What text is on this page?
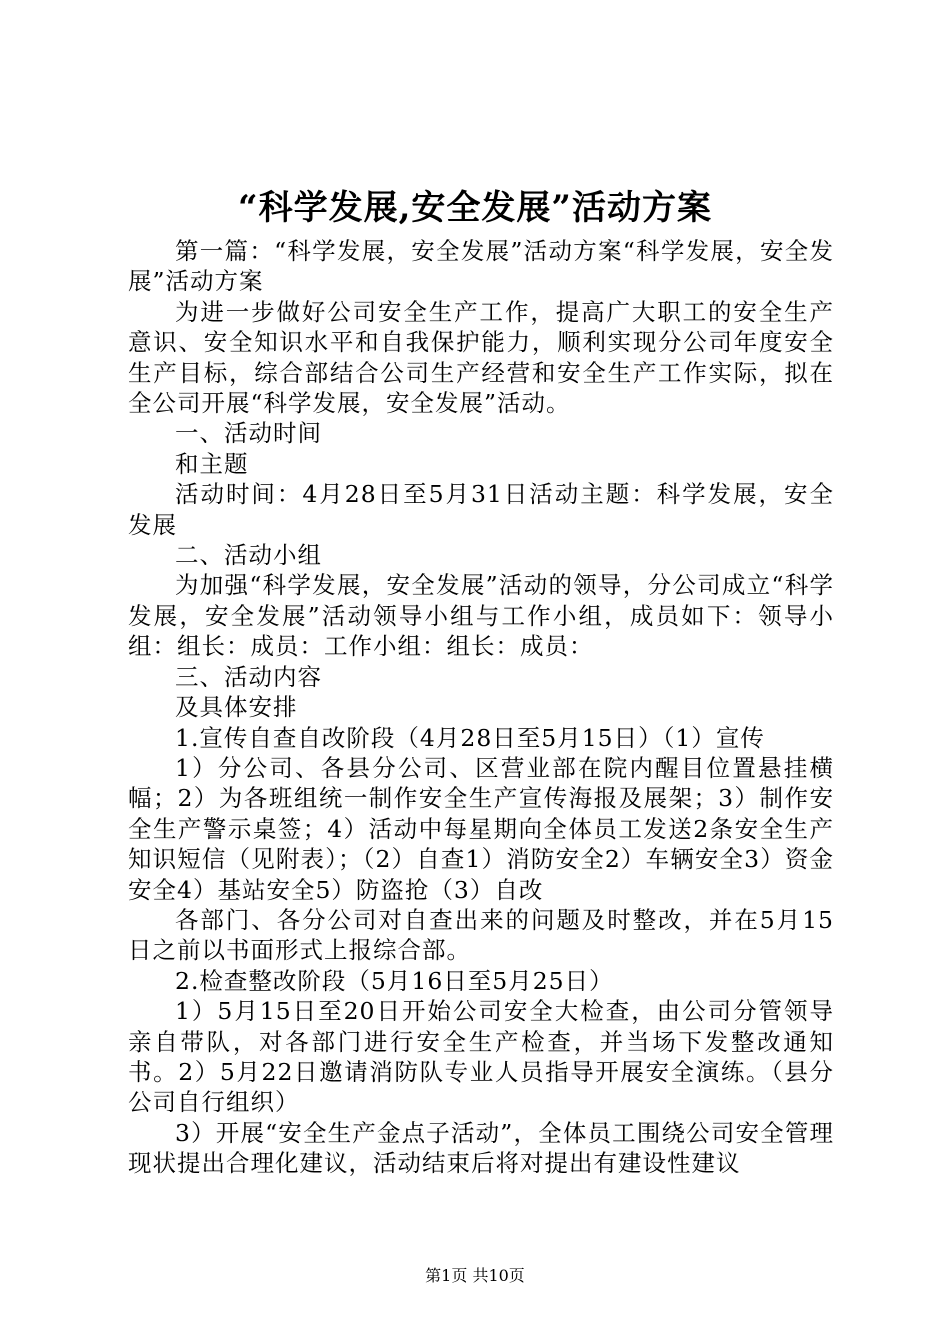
“科学发展,安全发展”活动方案

第一篇：“科学发展，安全发展”活动方案“科学发展，安全发展”活动方案

为进一步做好公司安全生产工作，提高广大职工的安全生产意识、安全知识水平和自我保护能力，顺利实现分公司年度安全生产目标，综合部结合公司生产经营和安全生产工作实际，拟在全公司开展“科学发展，安全发展”活动。

一、活动时间

和主题

活动时间：4月28日至5月31日活动主题：科学发展，安全发展

二、活动小组

为加强“科学发展，安全发展”活动的领导，分公司成立“科学发展，安全发展”活动领导小组与工作小组，成员如下：领导小组：组长：成员：工作小组：组长：成员：

三、活动内容

及具体安排

1.宣传自查自改阶段（4月28日至5月15日）（1）宣传

1）分公司、各县分公司、区营业部在院内醒目位置悬挂横幅；2）为各班组统一制作安全生产宣传海报及展架；3）制作安全生产警示桌签；4）活动中每星期向全体员工发送2条安全生产知识短信（见附表）；（2）自查1）消防安全2）车辆安全3）资金安全4）基站安全5）防盗抢（3）自改

各部门、各分公司对自查出来的问题及时整改，并在5月15日之前以书面形式上报综合部。

2.检查整改阶段（5月16日至5月25日）

1）5月15日至20日开始公司安全大检查，由公司分管领导亲自带队，对各部门进行安全生产检查，并当场下发整改通知书。2）5月22日邀请消防队专业人员指导开展安全演练。（县分公司自行组织）

3）开展“安全生产金点子活动”，全体员工围绕公司安全管理现状提出合理化建议，活动结束后将对提出有建设性建议

第1页 共10页
